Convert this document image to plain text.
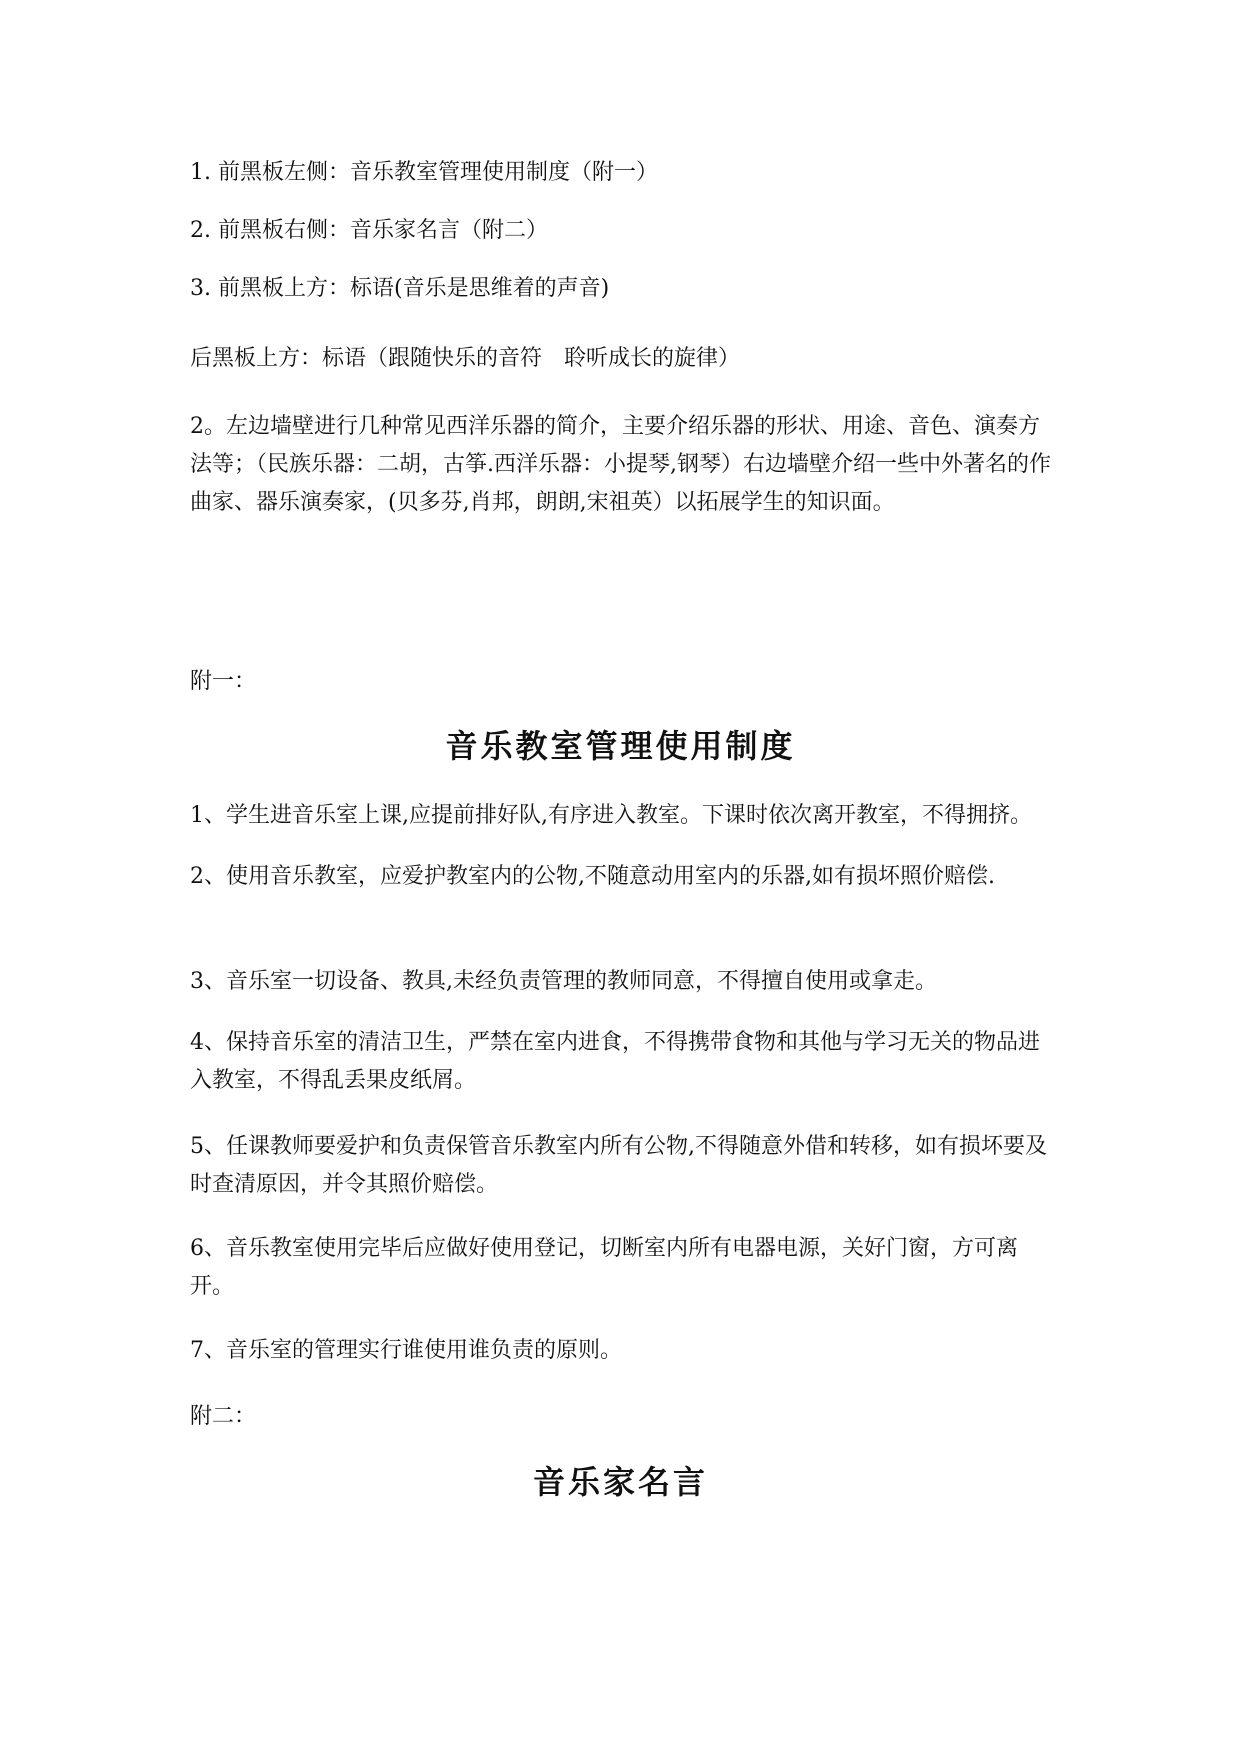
1. 前黑板左侧：音乐教室管理使用制度（附一）
2. 前黑板右侧：音乐家名言（附二）
3. 前黑板上方：标语(音乐是思维着的声音)
后黑板上方：标语（跟随快乐的音符　聆听成长的旋律）
2。左边墙壁进行几种常见西洋乐器的简介，主要介绍乐器的形状、用途、音色、演奏方法等；（民族乐器：二胡，古筝.西洋乐器：小提琴,钢琴）右边墙壁介绍一些中外著名的作曲家、器乐演奏家，(贝多芬,肖邦，朗朗,宋祖英）以拓展学生的知识面。
附一：
音乐教室管理使用制度
1、学生进音乐室上课,应提前排好队,有序进入教室。下课时依次离开教室，不得拥挤。
2、使用音乐教室，应爱护教室内的公物,不随意动用室内的乐器,如有损坏照价赔偿.
3、音乐室一切设备、教具,未经负责管理的教师同意，不得擅自使用或拿走。
4、保持音乐室的清洁卫生，严禁在室内进食，不得携带食物和其他与学习无关的物品进入教室，不得乱丢果皮纸屑。
5、任课教师要爱护和负责保管音乐教室内所有公物,不得随意外借和转移，如有损坏要及时查清原因，并令其照价赔偿。
6、音乐教室使用完毕后应做好使用登记，切断室内所有电器电源，关好门窗，方可离开。
7、音乐室的管理实行谁使用谁负责的原则。
附二：
音乐家名言
